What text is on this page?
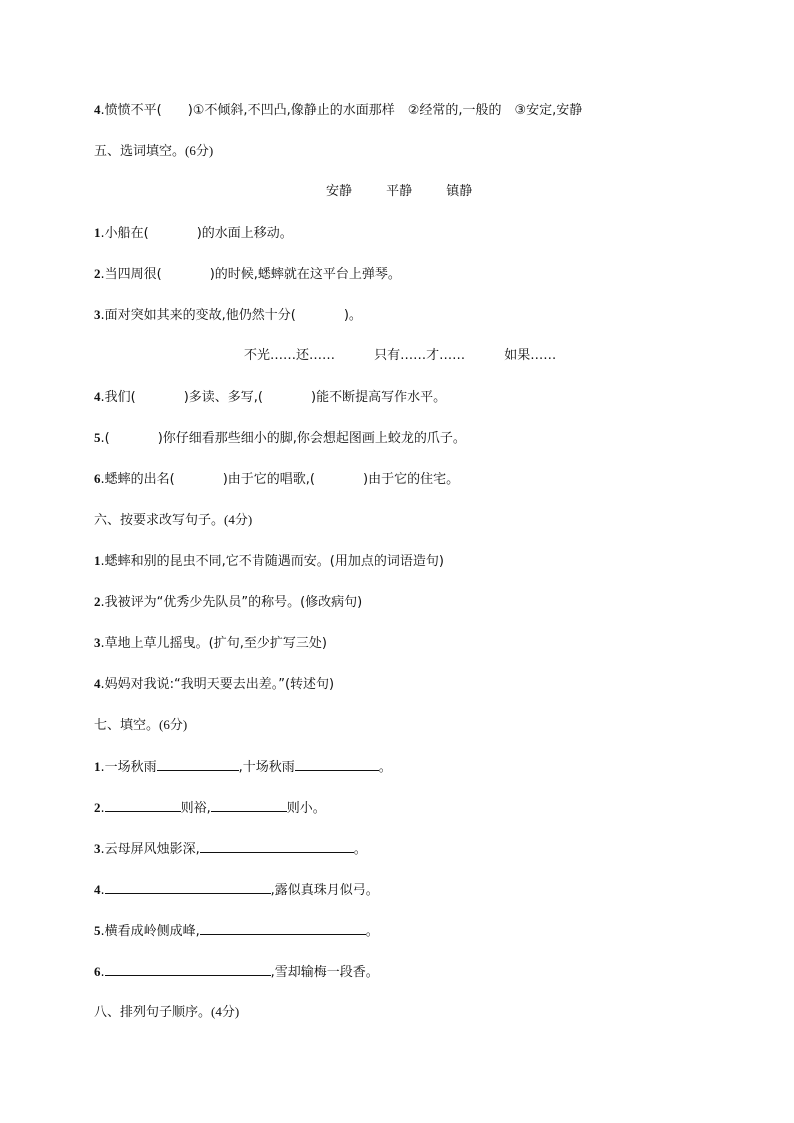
4.愤愤不平(　　)①不倾斜,不凹凸,像静止的水面那样　②经常的,一般的　③安定,安静
五、选词填空。(6分)
安静	平静	镇静
1.小船在(	)的水面上移动。
2.当四周很(	)的时候,蟋蟀就在这平台上弹琴。
3.面对突如其来的变故,他仍然十分(	)。
不光……还……	只有……才……	如果……
4.我们(	)多读、多写,(	)能不断提高写作水平。
5.(	)你仔细看那些细小的脚,你会想起图画上蛟龙的爪子。
6.蟋蟀的出名(	)由于它的唱歌,(	)由于它的住宅。
六、按要求改写句子。(4分)
1.蟋蟀和别的昆虫不同,它不肯随遇而安。(用加点的词语造句)
2.我被评为“优秀少先队员”的称号。(修改病句)
3.草地上草儿摇曳。(扩句,至少扩写三处)
4.妈妈对我说:“我明天要去出差。”(转述句)
七、填空。(6分)
1.一场秋雨	,十场秋雨	。
2.	则裕,	则小。
3.云母屏风烛影深,	。
4.	,露似真珠月似弓。
5.横看成岭侧成峰,	。
6.	,雪却输梅一段香。
八、排列句子顺序。(4分)
